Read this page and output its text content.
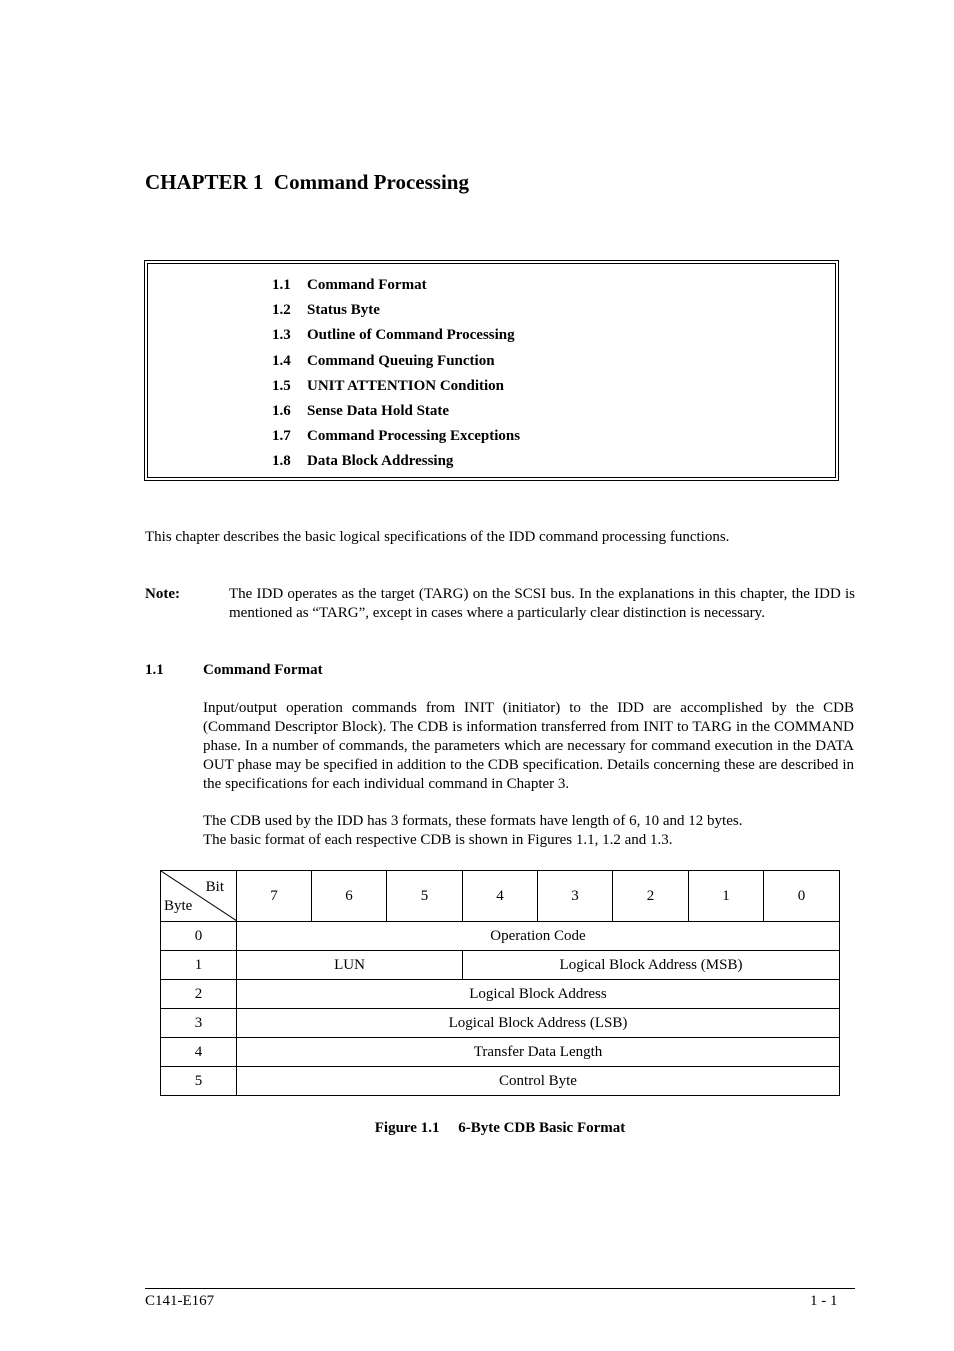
CHAPTER 1  Command Processing
1.1 Command Format
1.2 Status Byte
1.3 Outline of Command Processing
1.4 Command Queuing Function
1.5 UNIT ATTENTION Condition
1.6 Sense Data Hold State
1.7 Command Processing Exceptions
1.8 Data Block Addressing
This chapter describes the basic logical specifications of the IDD command processing functions.
Note:	The IDD operates as the target (TARG) on the SCSI bus. In the explanations in this chapter, the IDD is mentioned as “TARG”, except in cases where a particularly clear distinction is necessary.
1.1	Command Format
Input/output operation commands from INIT (initiator) to the IDD are accomplished by the CDB (Command Descriptor Block). The CDB is information transferred from INIT to TARG in the COMMAND phase. In a number of commands, the parameters which are necessary for command execution in the DATA OUT phase may be specified in addition to the CDB specification. Details concerning these are described in the specifications for each individual command in Chapter 3.
The CDB used by the IDD has 3 formats, these formats have length of 6, 10 and 12 bytes.
The basic format of each respective CDB is shown in Figures 1.1, 1.2 and 1.3.
Bit
Byte	7	6	5	4	3	2	1	0
0	Operation Code							
1	LUN			Logical Block Address (MSB)				
2	Logical Block Address							
3	Logical Block Address (LSB)							
4	Transfer Data Length							
5	Control Byte							
Figure 1.1     6-Byte CDB Basic Format
C141-E167	1 - 1
